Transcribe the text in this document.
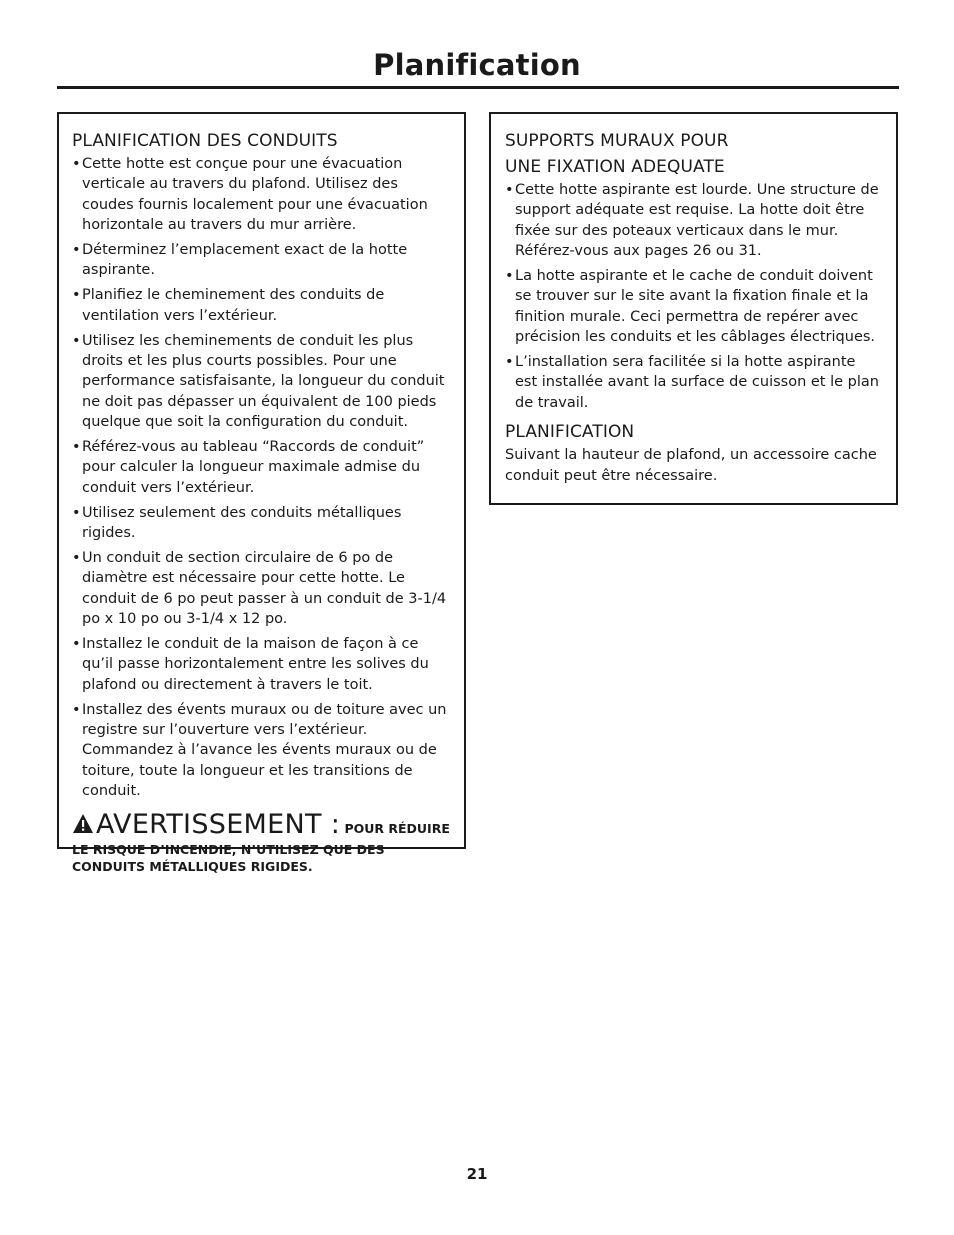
Planification
PLANIFICATION DES CONDUITS
• Cette hotte est conçue pour une évacuation verticale au travers du plafond. Utilisez des coudes fournis localement pour une évacuation horizontale au travers du mur arrière.
• Déterminez l’emplacement exact de la hotte aspirante.
• Planifiez le cheminement des conduits de ventilation vers l’extérieur.
• Utilisez les cheminements de conduit les plus droits et les plus courts possibles. Pour une performance satisfaisante, la longueur du conduit ne doit pas dépasser un équivalent de 100 pieds quelque que soit la configuration du conduit.
• Référez-vous au tableau “Raccords de conduit” pour calculer la longueur maximale admise du conduit vers l’extérieur.
• Utilisez seulement des conduits métalliques rigides.
• Un conduit de section circulaire de 6 po de diamètre est nécessaire pour cette hotte. Le conduit de 6 po peut passer à un conduit de 3-1/4 po x 10 po ou 3-1/4 x 12 po.
• Installez le conduit de la maison de façon à ce qu’il passe horizontalement entre les solives du plafond ou directement à travers le toit.
• Installez des évents muraux ou de toiture avec un registre sur l’ouverture vers l’extérieur. Commandez à l’avance les évents muraux ou de toiture, toute la longueur et les transitions de conduit.
AVERTISSEMENT : POUR RÉDUIRE
LE RISQUE D’INCENDIE, N’UTILISEZ QUE DES CONDUITS MÉTALLIQUES RIGIDES.
SUPPORTS MURAUX POUR
UNE FIXATION ADEQUATE
• Cette hotte aspirante est lourde. Une structure de support adéquate est requise. La hotte doit être fixée sur des poteaux verticaux dans le mur. Référez-vous aux pages 26 ou 31.
• La hotte aspirante et le cache de conduit doivent se trouver sur le site avant la fixation finale et la finition murale. Ceci permettra de repérer avec précision les conduits et les câblages électriques.
• L’installation sera facilitée si la hotte aspirante est installée avant la surface de cuisson et le plan de travail.
PLANIFICATION

Suivant la hauteur de plafond, un accessoire cache conduit peut être nécessaire.

21
